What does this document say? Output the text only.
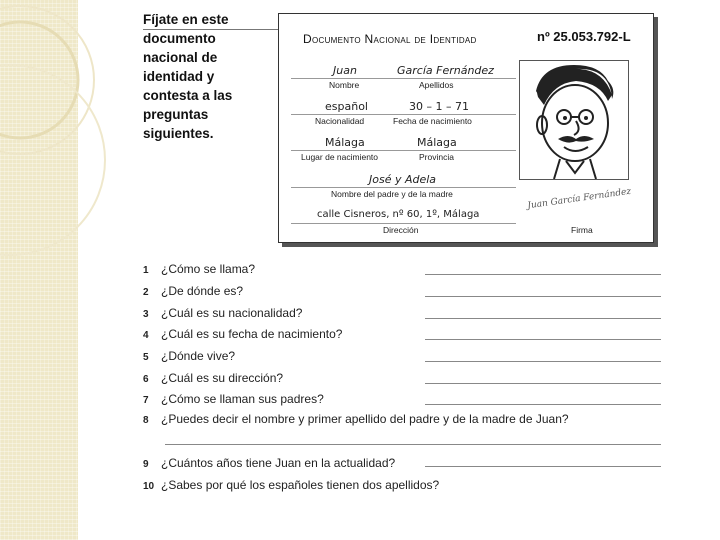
Fíjate en este
documento
nacional de
identidad y
contesta a las
preguntas
siguientes.
Documento Nacional de Identidad	nº 25.053.792-L
Juan	García Fernández
Nombre	Apellidos
español	30 – 1 – 71
Nacionalidad	Fecha de nacimiento
Málaga	Málaga
Lugar de nacimiento	Provincia
José y Adela
Nombre del padre y de la madre
calle Cisneros, nº 60, 1º, Málaga
Dirección
Juan García Fernández
Firma
1 ¿Cómo se llama?
2 ¿De dónde es?
3 ¿Cuál es su nacionalidad?
4 ¿Cuál es su fecha de nacimiento?
5 ¿Dónde vive?
6 ¿Cuál es su dirección?
7 ¿Cómo se llaman sus padres?
8 ¿Puedes decir el nombre y primer apellido del padre y de la madre de Juan?
9 ¿Cuántos años tiene Juan en la actualidad?
10 ¿Sabes por qué los españoles tienen dos apellidos?
